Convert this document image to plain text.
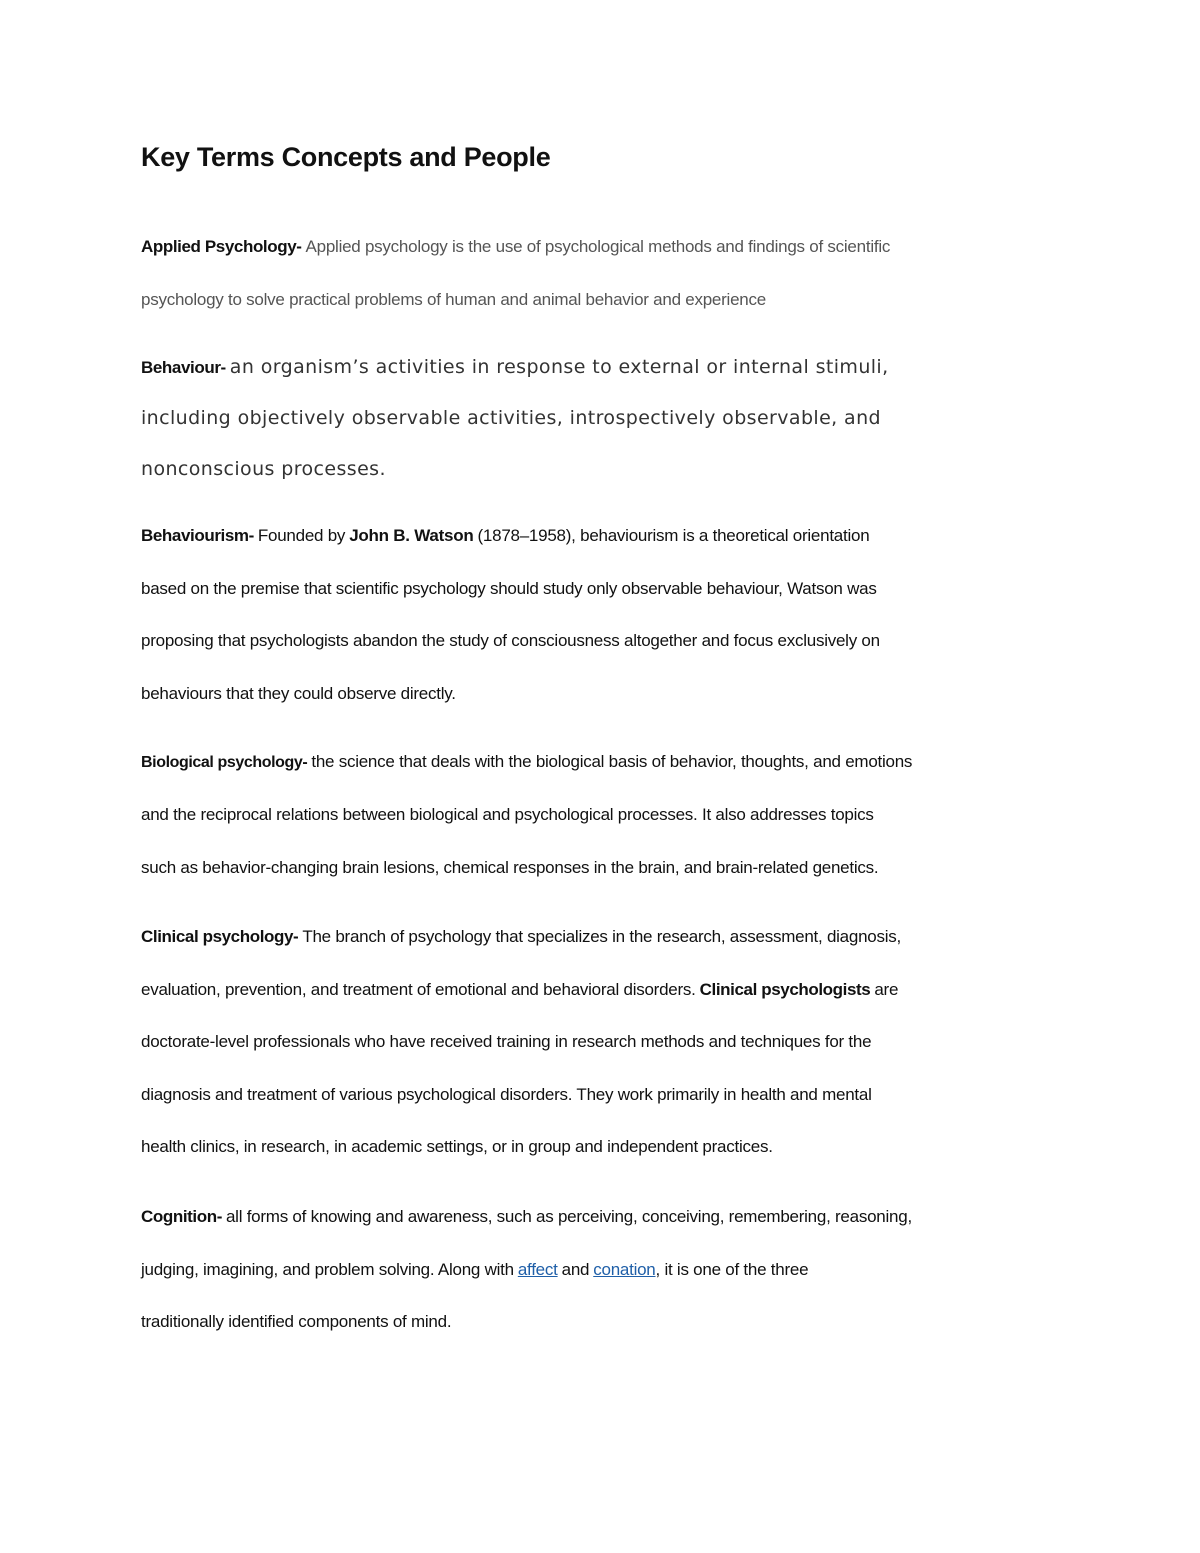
Key Terms Concepts and People
Applied Psychology- Applied psychology is the use of psychological methods and findings of scientific
psychology to solve practical problems of human and animal behavior and experience
Behaviour- an organism’s activities in response to external or internal stimuli,
including objectively observable activities, introspectively observable, and
nonconscious processes.
Behaviourism- Founded by John B. Watson (1878–1958), behaviourism is a theoretical orientation
based on the premise that scientific psychology should study only observable behaviour, Watson was
proposing that psychologists abandon the study of consciousness altogether and focus exclusively on
behaviours that they could observe directly.
Biological psychology- the science that deals with the biological basis of behavior, thoughts, and emotions
and the reciprocal relations between biological and psychological processes. It also addresses topics
such as behavior-changing brain lesions, chemical responses in the brain, and brain-related genetics.
Clinical psychology- The branch of psychology that specializes in the research, assessment, diagnosis,
evaluation, prevention, and treatment of emotional and behavioral disorders. Clinical psychologists are
doctorate-level professionals who have received training in research methods and techniques for the
diagnosis and treatment of various psychological disorders. They work primarily in health and mental
health clinics, in research, in academic settings, or in group and independent practices.
Cognition- all forms of knowing and awareness, such as perceiving, conceiving, remembering, reasoning,
judging, imagining, and problem solving. Along with affect and conation, it is one of the three
traditionally identified components of mind.
